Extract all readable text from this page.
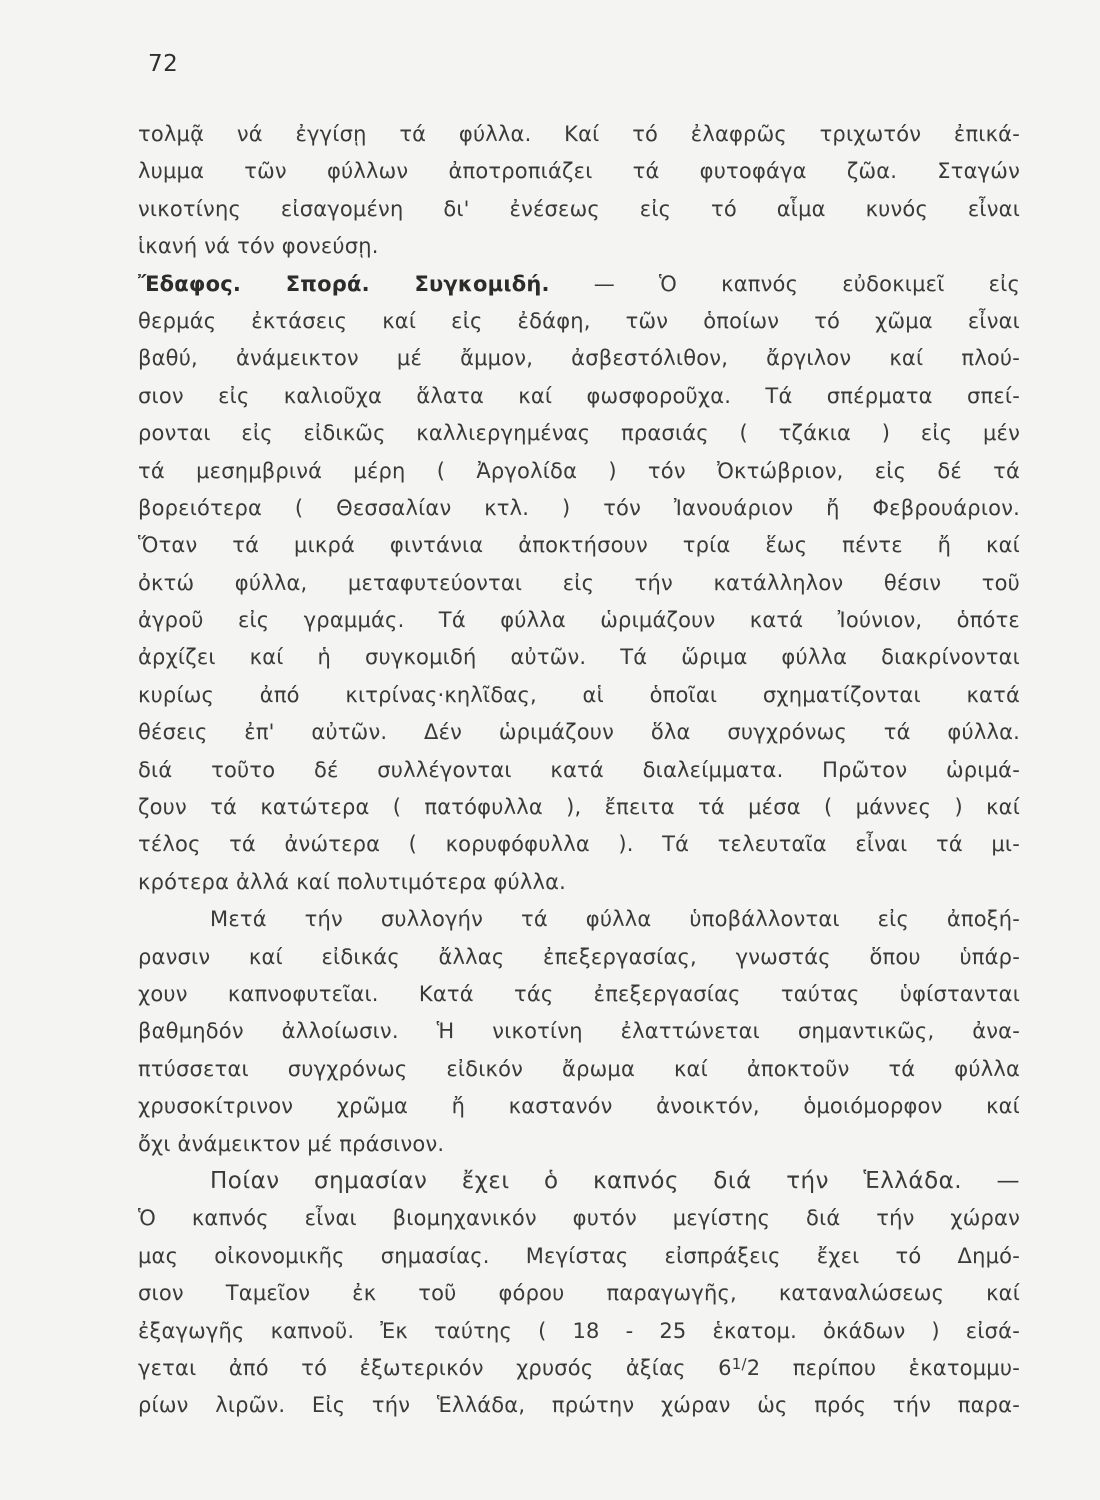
72
τολμᾷ νά ἐγγίσῃ τά φύλλα. Καί τό ἐλαφρῶς τριχωτόν ἐπικά-
λυμμα τῶν φύλλων ἀποτροπιάζει τά φυτοφάγα ζῶα. Σταγών
νικοτίνης εἰσαγομένη δι' ἐνέσεως εἰς τό αἷμα κυνός εἶναι
ἱκανή νά τόν φονεύσῃ.
Ἔδαφος. Σπορά. Συγκομιδή. — Ὁ καπνός εὐδοκιμεῖ εἰς
θερμάς ἐκτάσεις καί εἰς ἐδάφη, τῶν ὁποίων τό χῶμα εἶναι
βαθύ, ἀνάμεικτον μέ ἄμμον, ἀσβεστόλιθον, ἄργιλον καί πλού-
σιον εἰς καλιοῦχα ἅλατα καί φωσφοροῦχα. Τά σπέρματα σπεί-
ρονται εἰς εἰδικῶς καλλιεργημένας πρασιάς ( τζάκια ) εἰς μέν
τά μεσημβρινά μέρη ( Ἀργολίδα ) τόν Ὀκτώβριον, εἰς δέ τά
βορειότερα ( Θεσσαλίαν κτλ. ) τόν Ἰανουάριον ἤ Φεβρουάριον.
Ὅταν τά μικρά φιντάνια ἀποκτήσουν τρία ἕως πέντε ἤ καί
ὀκτώ φύλλα, μεταφυτεύονται εἰς τήν κατάλληλον θέσιν τοῦ
ἀγροῦ εἰς γραμμάς. Τά φύλλα ὡριμάζουν κατά Ἰούνιον, ὁπότε
ἀρχίζει καί ἡ συγκομιδή αὐτῶν. Τά ὥριμα φύλλα διακρίνονται
κυρίως ἀπό κιτρίνας·κηλῖδας, αἱ ὁποῖαι σχηματίζονται κατά
θέσεις ἐπ' αὐτῶν. Δέν ὡριμάζουν ὅλα συγχρόνως τά φύλλα.
διά τοῦτο δέ συλλέγονται κατά διαλείμματα. Πρῶτον ὡριμά-
ζουν τά κατώτερα ( πατόφυλλα ), ἔπειτα τά μέσα ( μάννες ) καί
τέλος τά ἀνώτερα ( κορυφόφυλλα ). Τά τελευταῖα εἶναι τά μι-
κρότερα ἀλλά καί πολυτιμότερα φύλλα.
Μετά τήν συλλογήν τά φύλλα ὑποβάλλονται εἰς ἀποξή-
ρανσιν καί εἰδικάς ἄλλας ἐπεξεργασίας, γνωστάς ὅπου ὑπάρ-
χουν καπνοφυτεῖαι. Κατά τάς ἐπεξεργασίας ταύτας ὑφίστανται
βαθμηδόν ἀλλοίωσιν. Ἡ νικοτίνη ἐλαττώνεται σημαντικῶς, ἀνα-
πτύσσεται συγχρόνως εἰδικόν ἄρωμα καί ἀποκτοῦν τά φύλλα
χρυσοκίτρινον χρῶμα ἤ καστανόν ἀνοικτόν, ὁμοιόμορφον καί
ὄχι ἀνάμεικτον μέ πράσινον.
Ποίαν σημασίαν ἔχει ὁ καπνός διά τήν Ἑλλάδα. —
Ὁ καπνός εἶναι βιομηχανικόν φυτόν μεγίστης διά τήν χώραν
μας οἰκονομικῆς σημασίας. Μεγίστας εἰσπράξεις ἔχει τό Δημό-
σιον Ταμεῖον ἐκ τοῦ φόρου παραγωγῆς, καταναλώσεως καί
ἐξαγωγῆς καπνοῦ. Ἐκ ταύτης ( 18 - 25 ἑκατομ. ὀκάδων ) εἰσά-
γεται ἀπό τό ἐξωτερικόν χρυσός ἀξίας $6^{1/}2$ περίπου ἑκατομμυ-
ρίων λιρῶν. Εἰς τήν Ἑλλάδα, πρώτην χώραν ὡς πρός τήν παρα-
